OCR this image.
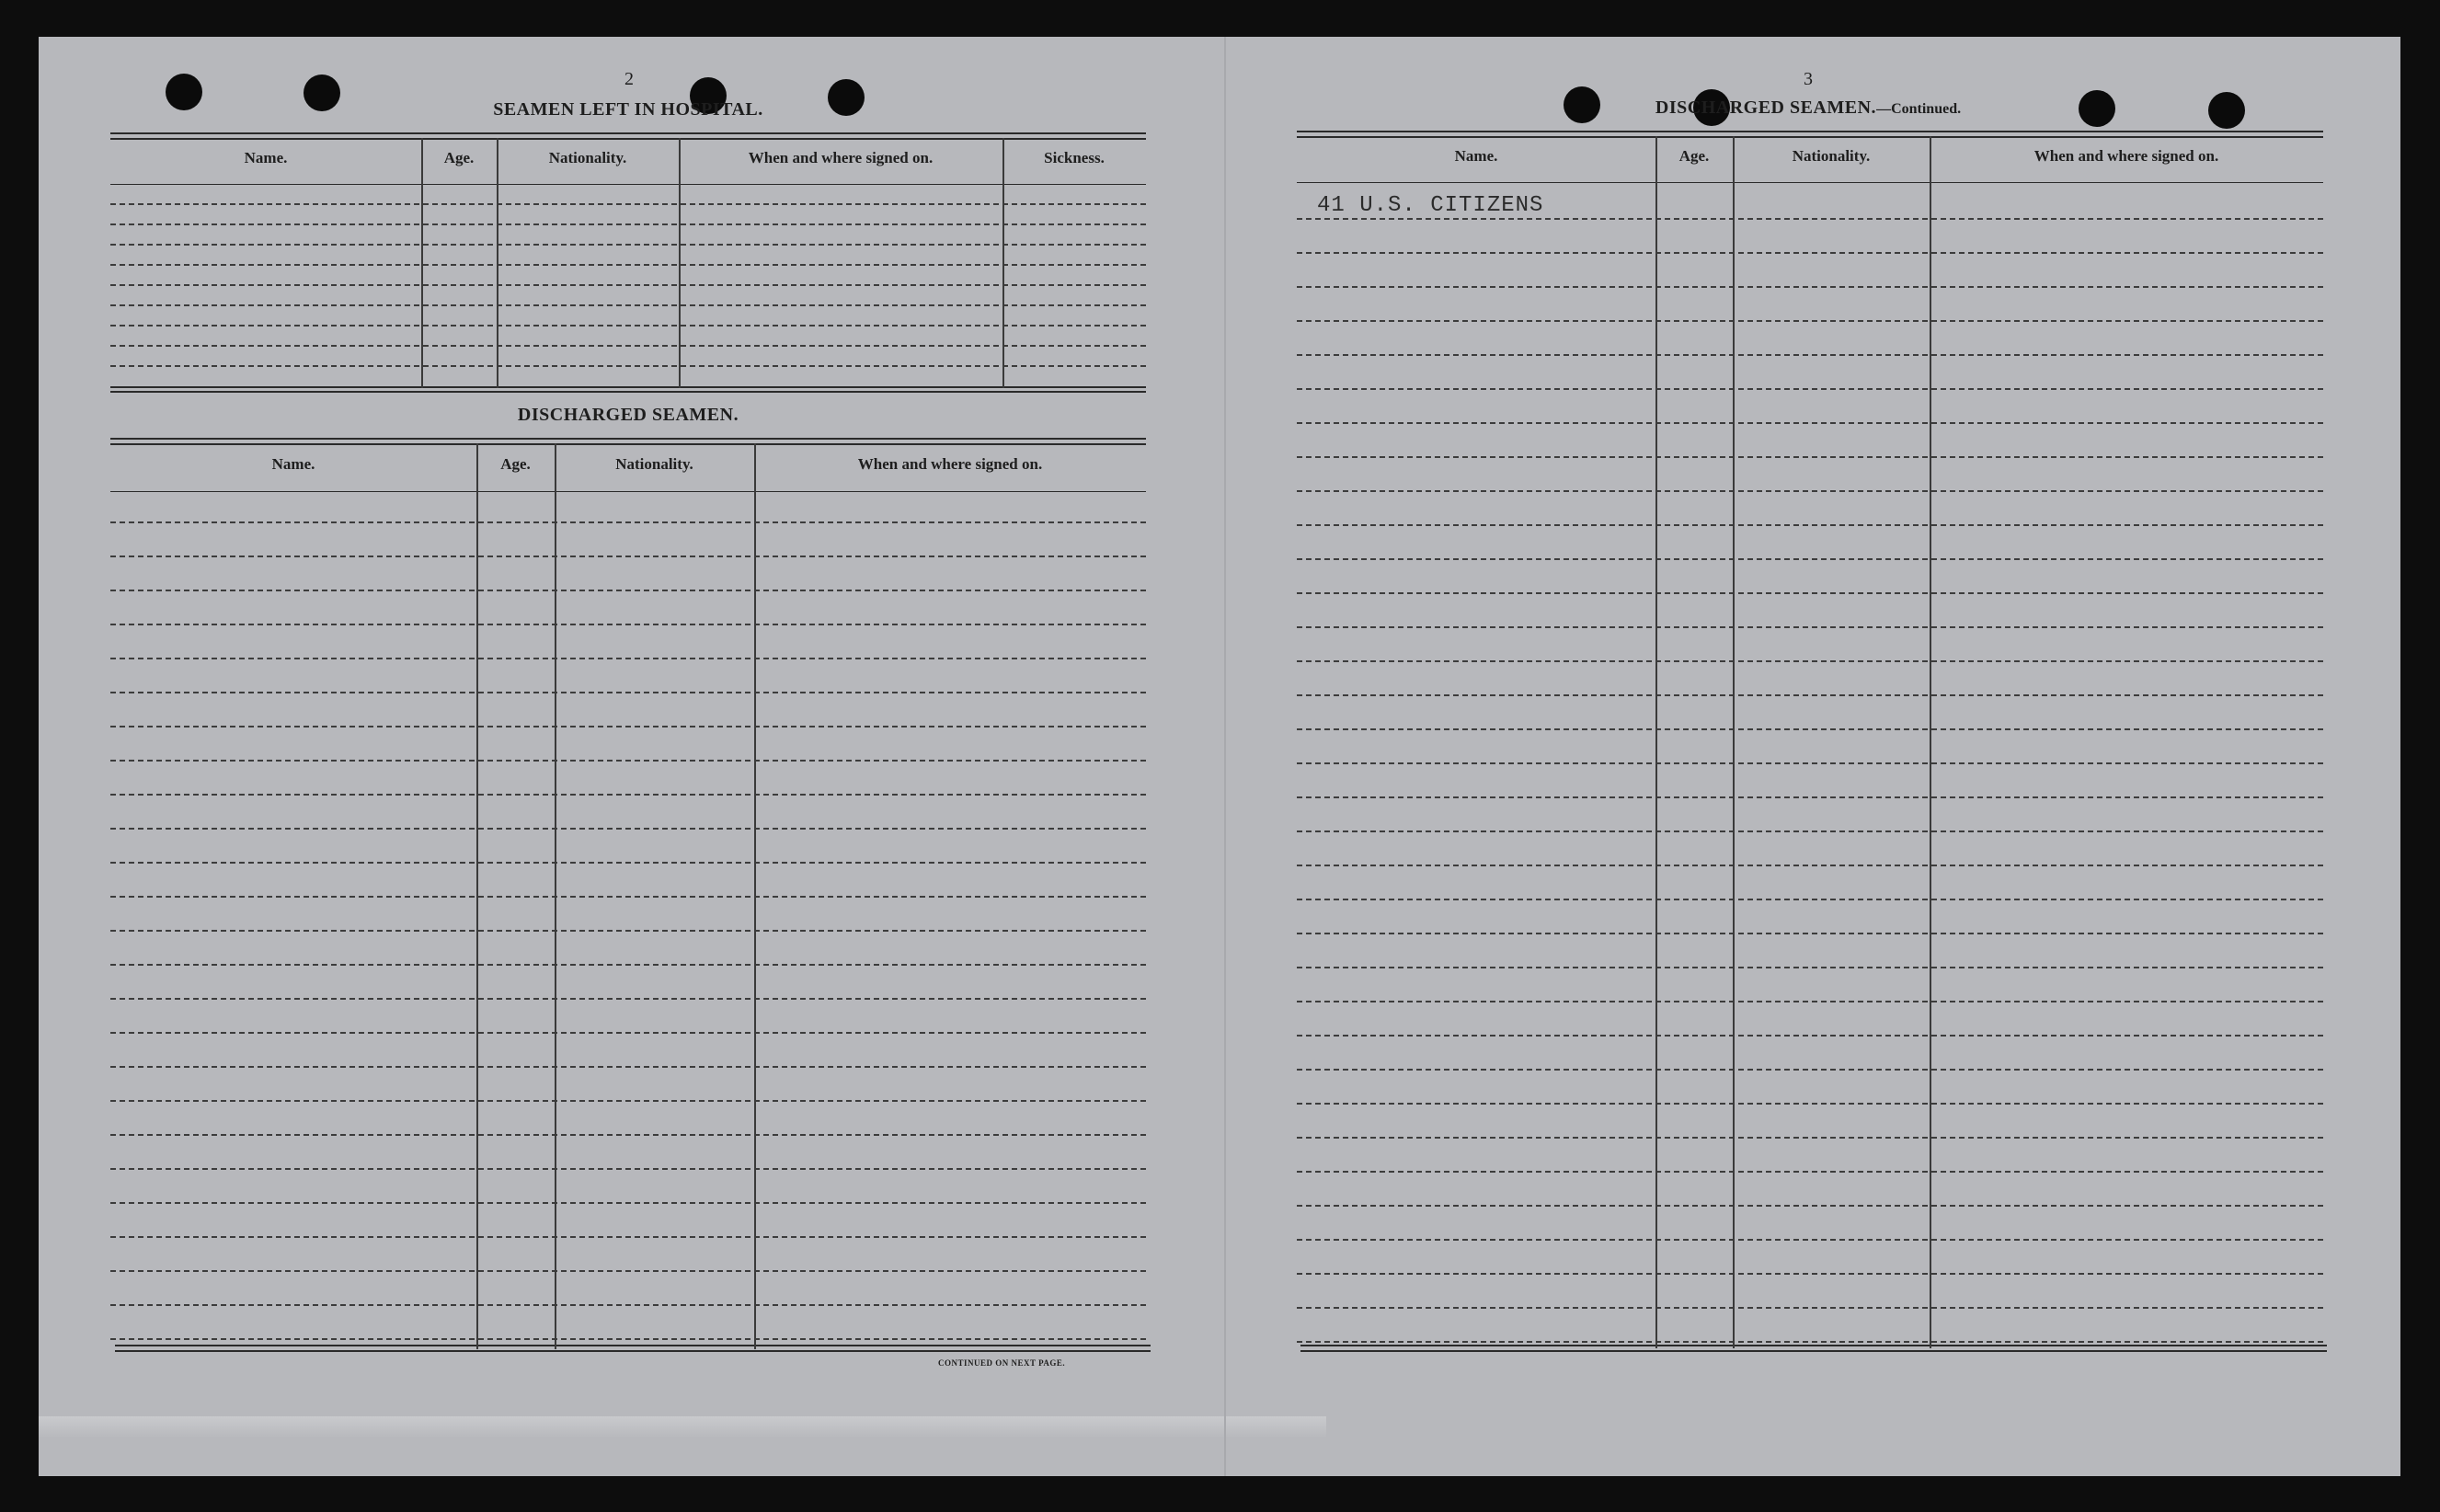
2
SEAMEN LEFT IN HOSPITAL.
Name.	Age.	Nationality.	When and where signed on.	Sickness.
DISCHARGED SEAMEN.
Name.	Age.	Nationality.	When and where signed on.
CONTINUED ON NEXT PAGE.
3
DISCHARGED SEAMEN.—Continued.
Name.	Age.	Nationality.	When and where signed on.
41 U.S. CITIZENS
